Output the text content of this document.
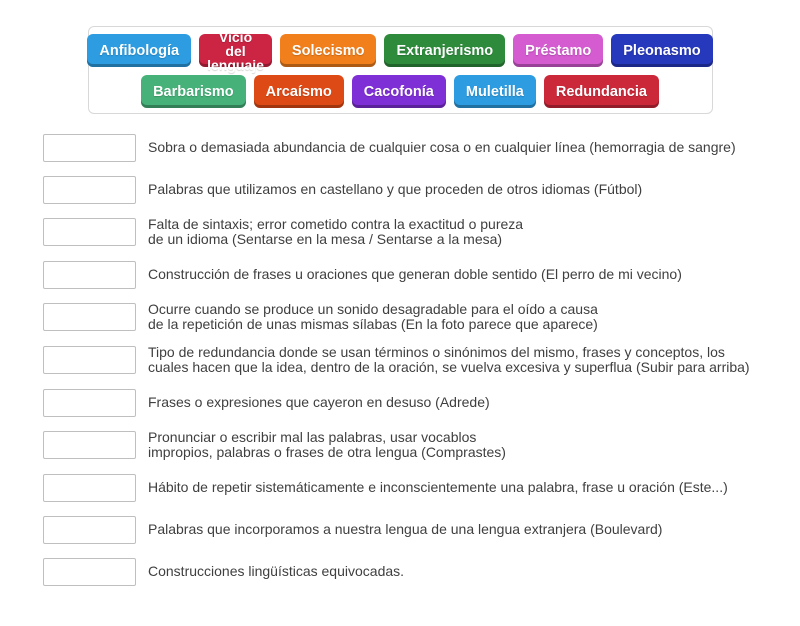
Anfibología
Vicio del lenguaje
Solecismo Extranjerismo Préstamo Pleonasmo
Barbarismo Arcaísmo Cacofonía Muletilla Redundancia
Sobra o demasiada abundancia de cualquier cosa o en cualquier línea (hemorragia de sangre)
Palabras que utilizamos en castellano y que proceden de otros idiomas (Fútbol)
Falta de sintaxis; error cometido contra la exactitud o pureza
de un idioma (Sentarse en la mesa / Sentarse a la mesa)
Construcción de frases u oraciones que generan doble sentido (El perro de mi vecino)
Ocurre cuando se produce un sonido desagradable para el oído a causa
de la repetición de unas mismas sílabas (En la foto parece que aparece)
Tipo de redundancia donde se usan términos o sinónimos del mismo, frases y conceptos, los
cuales hacen que la idea, dentro de la oración, se vuelva excesiva y superflua (Subir para arriba)
Frases o expresiones que cayeron en desuso (Adrede)
Pronunciar o escribir mal las palabras, usar vocablos
impropios, palabras o frases de otra lengua (Comprastes)
Hábito de repetir sistemáticamente e inconscientemente una palabra, frase u oración (Este...)
Palabras que incorporamos a nuestra lengua de una lengua extranjera (Boulevard)
Construcciones lingüísticas equivocadas.
